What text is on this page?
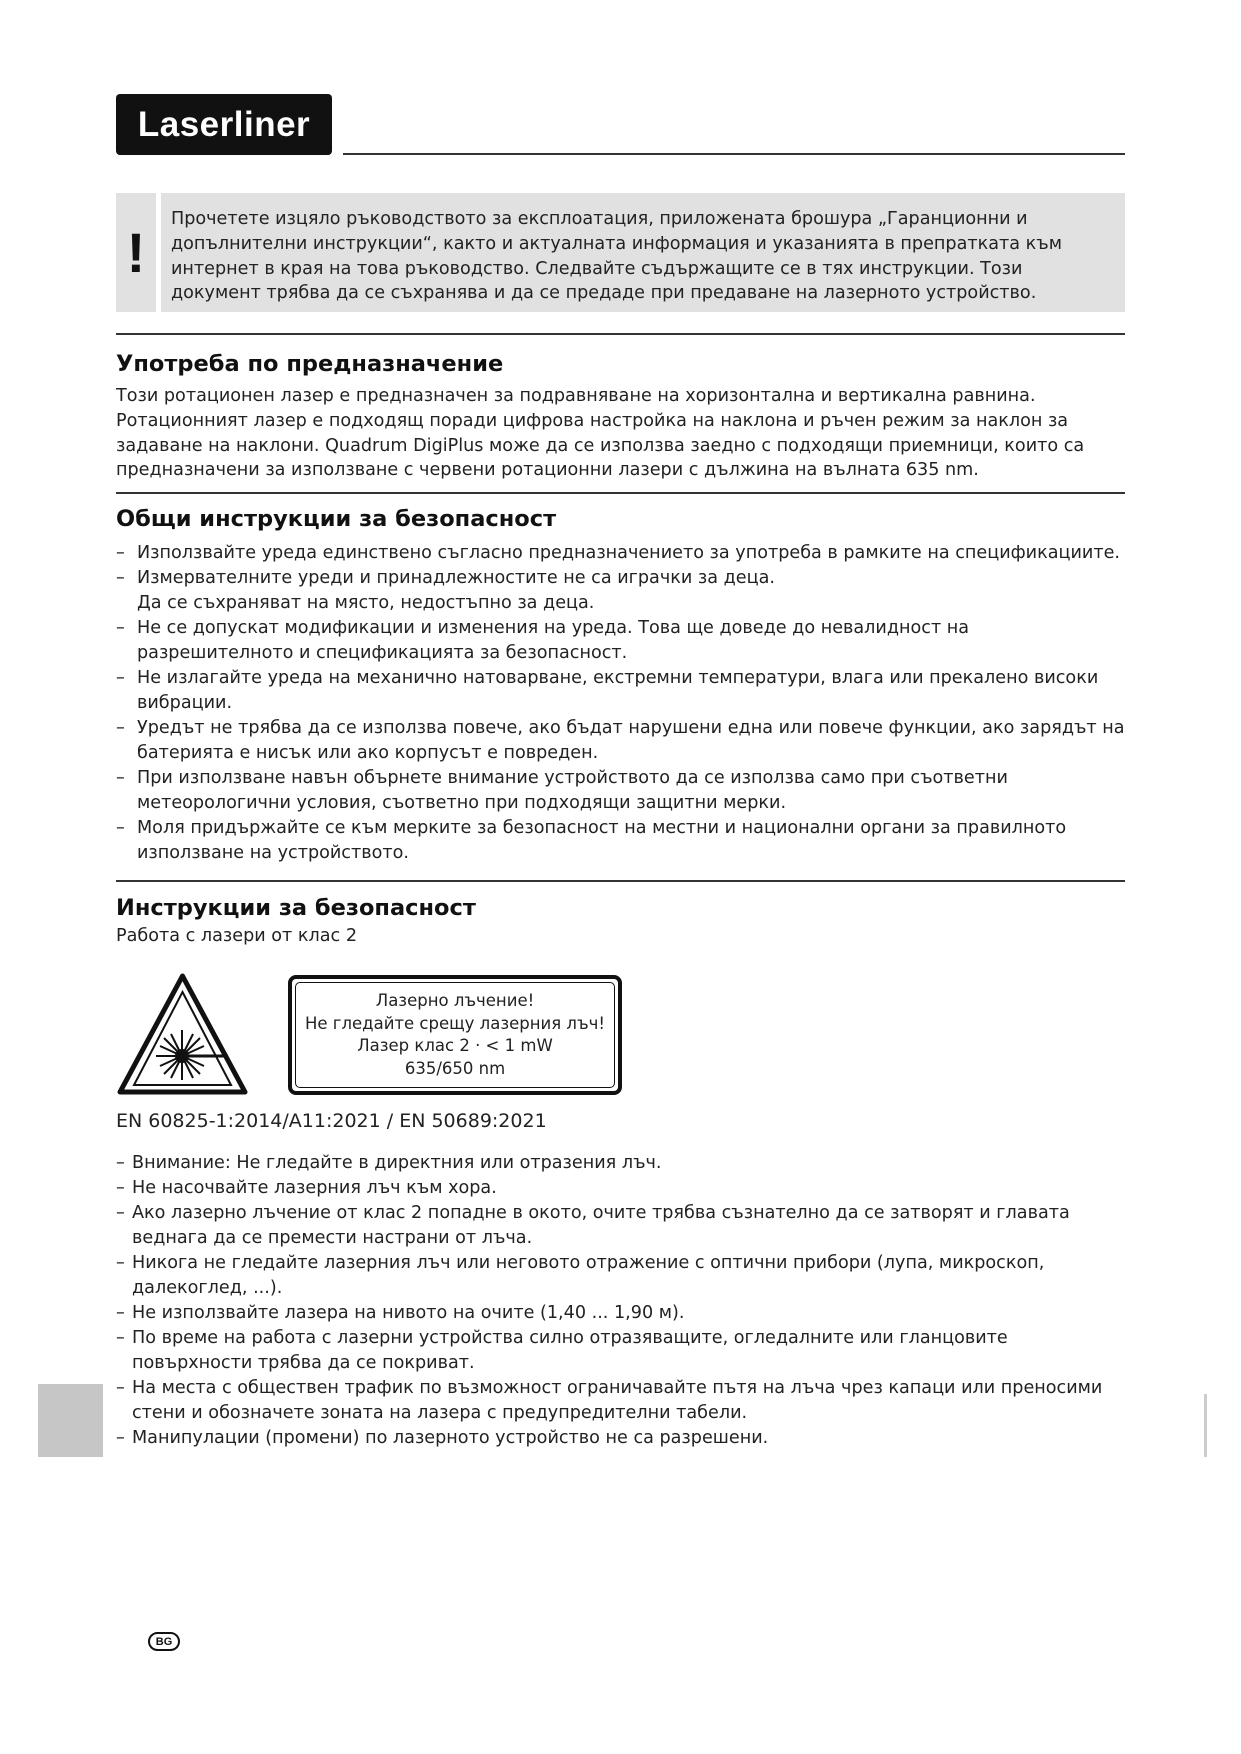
Laserliner
!
Прочетете изцяло ръководството за експлоатация, приложената брошура „Гаранционни и допълнителни инструкции“, както и актуалната информация и указанията в препратката към интернет в края на това ръководство. Следвайте съдържащите се в тях инструкции. Този документ трябва да се съхранява и да се предаде при предаване на лазерното устройство.
Употреба по предназначение

Този ротационен лазер е предназначен за подравняване на хоризонтална и вертикална равнина. Ротационният лазер е подходящ поради цифрова настройка на наклона и ръчен режим за наклон за задаване на наклони. Quadrum DigiPlus може да се използва заедно с подходящи приемници, които са предназначени за използване с червени ротационни лазери с дължина на вълната 635 nm.

Общи инструкции за безопасност
– Използвайте уреда единствено съгласно предназначението за употреба в рамките на спецификациите.
– Измервателните уреди и принадлежностите не са играчки за деца.
Да се съхраняват на място, недостъпно за деца.
– Не се допускат модификации и изменения на уреда. Това ще доведе до невалидност на разрешителното и спецификацията за безопасност.
– Не излагайте уреда на механично натоварване, екстремни температури, влага или прекалено високи вибрации.
– Уредът не трябва да се използва повече, ако бъдат нарушени една или повече функции, ако зарядът на батерията е нисък или ако корпусът е повреден.
– При използване навън обърнете внимание устройството да се използва само при съответни метеорологични условия, съответно при подходящи защитни мерки.
– Моля придържайте се към мерките за безопасност на местни и национални органи за правилното използване на устройството.
Инструкции за безопасност

Работа с лазери от клас 2

Лазерно лъчение!
Не гледайте срещу лазерния лъч!
Лазер клас 2 · < 1 mW
635/650 nm

EN 60825-1:2014/A11:2021 / EN 50689:2021

– Внимание: Не гледайте в директния или отразения лъч.
– Не насочвайте лазерния лъч към хора.
– Ако лазерно лъчение от клас 2 попадне в окото, очите трябва съзнателно да се затворят и главата веднага да се премести настрани от лъча.
– Никога не гледайте лазерния лъч или неговото отражение с оптични прибори (лупа, микроскоп, далекоглед, ...).
– Не използвайте лазера на нивото на очите (1,40 ... 1,90 м).
– По време на работа с лазерни устройства силно отразяващите, огледалните или гланцовите повърхности трябва да се покриват.
– На места с обществен трафик по възможност ограничавайте пътя на лъча чрез капаци или преносими стени и обозначете зоната на лазера с предупредителни табели.
– Манипулации (промени) по лазерното устройство не са разрешени.
BG
